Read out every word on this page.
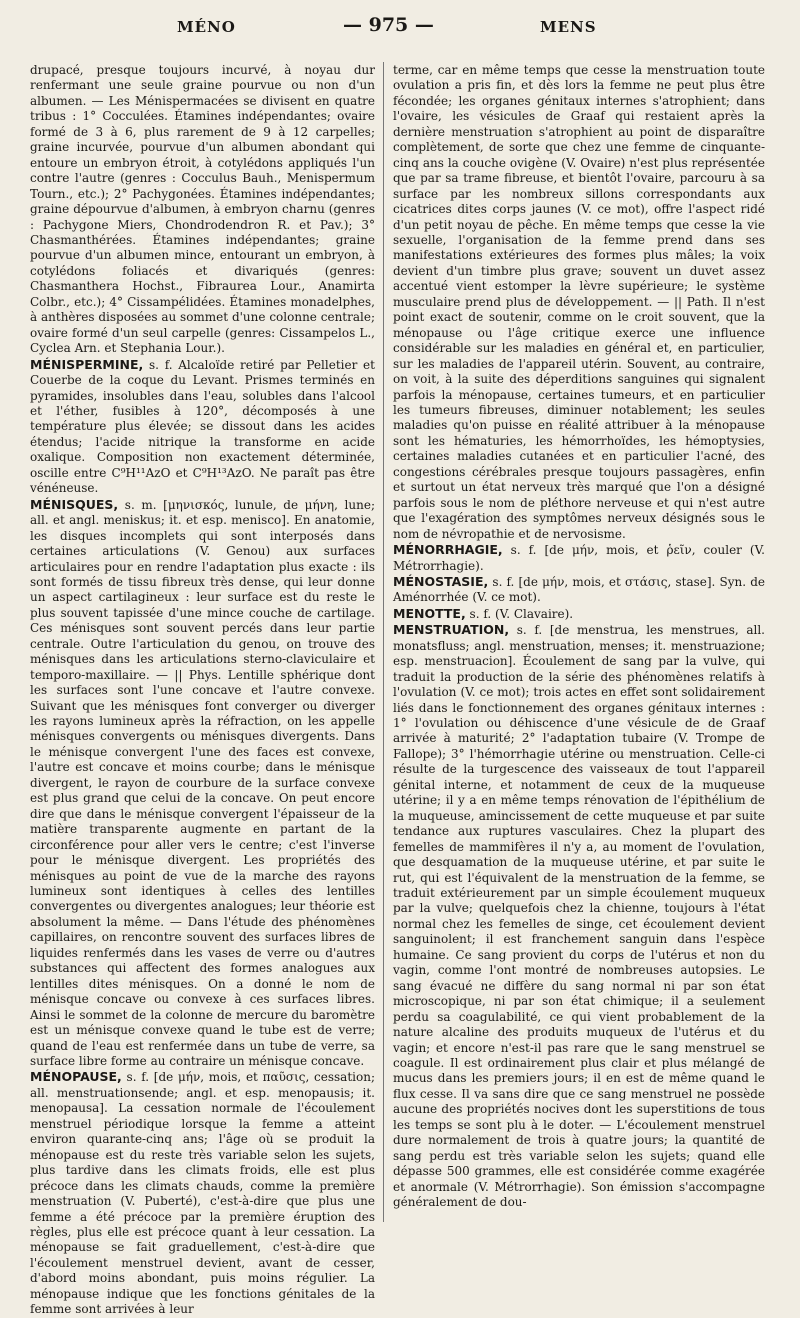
MÉNO	— 975 —	MENS

drupacé, presque toujours incurvé, à noyau dur renfermant une seule graine pourvue ou non d'un albumen. — Les Ménispermacées se divisent en quatre tribus : 1° Cocculées. Étamines indépendantes; ovaire formé de 3 à 6, plus rarement de 9 à 12 carpelles; graine incurvée, pourvue d'un albumen abondant qui entoure un embryon étroit, à cotylédons appliqués l'un contre l'autre (genres : Cocculus Bauh., Menispermum Tourn., etc.); 2° Pachygonées. Étamines indépendantes; graine dépourvue d'albumen, à embryon charnu (genres : Pachygone Miers, Chondrodendron R. et Pav.); 3° Chasmanthérées. Étamines indépendantes; graine pourvue d'un albumen mince, entourant un embryon, à cotylédons foliacés et divariqués (genres: Chasmanthera Hochst., Fibraurea Lour., Anamirta Colbr., etc.); 4° Cissampélidées. Étamines monadelphes, à anthères disposées au sommet d'une colonne centrale; ovaire formé d'un seul carpelle (genres: Cissampelos L., Cyclea Arn. et Stephania Lour.).

MÉNISPERMINE, s. f. Alcaloïde retiré par Pelletier et Couerbe de la coque du Levant. Prismes terminés en pyramides, insolubles dans l'eau, solubles dans l'alcool et l'éther, fusibles à 120°, décomposés à une température plus élevée; se dissout dans les acides étendus; l'acide nitrique la transforme en acide oxalique. Composition non exactement déterminée, oscille entre C⁹H¹¹AzO et C⁹H¹³AzO. Ne paraît pas être vénéneuse.

MÉNISQUES, s. m. [μηνισκός, lunule, de μήνη, lune; all. et angl. meniskus; it. et esp. menisco]. En anatomie, les disques incomplets qui sont interposés dans certaines articulations (V. Genou) aux surfaces articulaires pour en rendre l'adaptation plus exacte : ils sont formés de tissu fibreux très dense, qui leur donne un aspect cartilagineux : leur surface est du reste le plus souvent tapissée d'une mince couche de cartilage. Ces ménisques sont souvent percés dans leur partie centrale. Outre l'articulation du genou, on trouve des ménisques dans les articulations sterno-claviculaire et temporo-maxillaire. — || Phys. Lentille sphérique dont les surfaces sont l'une concave et l'autre convexe. Suivant que les ménisques font converger ou diverger les rayons lumineux après la réfraction, on les appelle ménisques convergents ou ménisques divergents. Dans le ménisque convergent l'une des faces est convexe, l'autre est concave et moins courbe; dans le ménisque divergent, le rayon de courbure de la surface convexe est plus grand que celui de la concave. On peut encore dire que dans le ménisque convergent l'épaisseur de la matière transparente augmente en partant de la circonférence pour aller vers le centre; c'est l'inverse pour le ménisque divergent. Les propriétés des ménisques au point de vue de la marche des rayons lumineux sont identiques à celles des lentilles convergentes ou divergentes analogues; leur théorie est absolument la même. — Dans l'étude des phénomènes capillaires, on rencontre souvent des surfaces libres de liquides renfermés dans les vases de verre ou d'autres substances qui affectent des formes analogues aux lentilles dites ménisques. On a donné le nom de ménisque concave ou convexe à ces surfaces libres. Ainsi le sommet de la colonne de mercure du baromètre est un ménisque convexe quand le tube est de verre; quand de l'eau est renfermée dans un tube de verre, sa surface libre forme au contraire un ménisque concave.

MÉNOPAUSE, s. f. [de μήν, mois, et παῦσις, cessation; all. menstruationsende; angl. et esp. menopausis; it. menopausa]. La cessation normale de l'écoulement menstruel périodique lorsque la femme a atteint environ quarante-cinq ans; l'âge où se produit la ménopause est du reste très variable selon les sujets, plus tardive dans les climats froids, elle est plus précoce dans les climats chauds, comme la première menstruation (V. Puberté), c'est-à-dire que plus une femme a été précoce par la première éruption des règles, plus elle est précoce quant à leur cessation. La ménopause se fait graduellement, c'est-à-dire que l'écoulement menstruel devient, avant de cesser, d'abord moins abondant, puis moins régulier. La ménopause indique que les fonctions génitales de la femme sont arrivées à leur

terme, car en même temps que cesse la menstruation toute ovulation a pris fin, et dès lors la femme ne peut plus être fécondée; les organes génitaux internes s'atrophient; dans l'ovaire, les vésicules de Graaf qui restaient après la dernière menstruation s'atrophient au point de disparaître complètement, de sorte que chez une femme de cinquante-cinq ans la couche ovigène (V. Ovaire) n'est plus représentée que par sa trame fibreuse, et bientôt l'ovaire, parcouru à sa surface par les nombreux sillons correspondants aux cicatrices dites corps jaunes (V. ce mot), offre l'aspect ridé d'un petit noyau de pêche. En même temps que cesse la vie sexuelle, l'organisation de la femme prend dans ses manifestations extérieures des formes plus mâles; la voix devient d'un timbre plus grave; souvent un duvet assez accentué vient estomper la lèvre supérieure; le système musculaire prend plus de développement. — || Path. Il n'est point exact de soutenir, comme on le croit souvent, que la ménopause ou l'âge critique exerce une influence considérable sur les maladies en général et, en particulier, sur les maladies de l'appareil utérin. Souvent, au contraire, on voit, à la suite des déperditions sanguines qui signalent parfois la ménopause, certaines tumeurs, et en particulier les tumeurs fibreuses, diminuer notablement; les seules maladies qu'on puisse en réalité attribuer à la ménopause sont les hématuries, les hémorrhoïdes, les hémoptysies, certaines maladies cutanées et en particulier l'acné, des congestions cérébrales presque toujours passagères, enfin et surtout un état nerveux très marqué que l'on a désigné parfois sous le nom de pléthore nerveuse et qui n'est autre que l'exagération des symptômes nerveux désignés sous le nom de névropathie et de nervosisme.

MÉNORRHAGIE, s. f. [de μήν, mois, et ῥεῖν, couler (V. Métrorrhagie).

MÉNOSTASIE, s. f. [de μήν, mois, et στάσις, stase]. Syn. de Aménorrhée (V. ce mot).

MENOTTE, s. f. (V. Clavaire).

MENSTRUATION, s. f. [de menstrua, les menstrues, all. monatsfluss; angl. menstruation, menses; it. menstruazione; esp. menstruacion]. Écoulement de sang par la vulve, qui traduit la production de la série des phénomènes relatifs à l'ovulation (V. ce mot); trois actes en effet sont solidairement liés dans le fonctionnement des organes génitaux internes : 1° l'ovulation ou déhiscence d'une vésicule de de Graaf arrivée à maturité; 2° l'adaptation tubaire (V. Trompe de Fallope); 3° l'hémorrhagie utérine ou menstruation. Celle-ci résulte de la turgescence des vaisseaux de tout l'appareil génital interne, et notamment de ceux de la muqueuse utérine; il y a en même temps rénovation de l'épithélium de la muqueuse, amincissement de cette muqueuse et par suite tendance aux ruptures vasculaires. Chez la plupart des femelles de mammifères il n'y a, au moment de l'ovulation, que desquamation de la muqueuse utérine, et par suite le rut, qui est l'équivalent de la menstruation de la femme, se traduit extérieurement par un simple écoulement muqueux par la vulve; quelquefois chez la chienne, toujours à l'état normal chez les femelles de singe, cet écoulement devient sanguinolent; il est franchement sanguin dans l'espèce humaine. Ce sang provient du corps de l'utérus et non du vagin, comme l'ont montré de nombreuses autopsies. Le sang évacué ne diffère du sang normal ni par son état microscopique, ni par son état chimique; il a seulement perdu sa coagulabilité, ce qui vient probablement de la nature alcaline des produits muqueux de l'utérus et du vagin; et encore n'est-il pas rare que le sang menstruel se coagule. Il est ordinairement plus clair et plus mélangé de mucus dans les premiers jours; il en est de même quand le flux cesse. Il va sans dire que ce sang menstruel ne possède aucune des propriétés nocives dont les superstitions de tous les temps se sont plu à le doter. — L'écoulement menstruel dure normalement de trois à quatre jours; la quantité de sang perdu est très variable selon les sujets; quand elle dépasse 500 grammes, elle est considérée comme exagérée et anormale (V. Métrorrhagie). Son émission s'accompagne généralement de dou-
